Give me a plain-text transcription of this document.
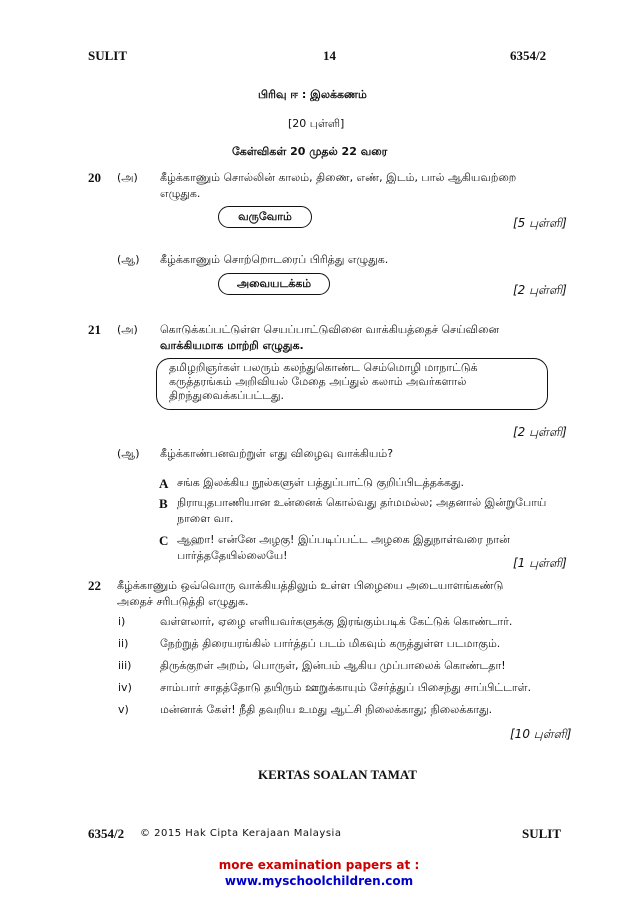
SULIT	14	6354/2
பிரிவு ஈ : இலக்கணம்
[20 புள்ளி]
கேள்விகள் 20 முதல் 22 வரை
20 (அ) கீழ்க்காணும் சொல்லின் காலம், திணை, எண், இடம், பால் ஆகியவற்றை
எழுதுக.
வருவோம்	[5 புள்ளி]
(ஆ) கீழ்க்காணும் சொற்றொடரைப் பிரித்து எழுதுக.
அவையடக்கம்	[2 புள்ளி]
21 (அ) கொடுக்கப்பட்டுள்ள செயப்பாட்டுவினை வாக்கியத்தைச் செய்வினை
வாக்கியமாக மாற்றி எழுதுக.
தமிழறிஞர்கள் பலரும் கலந்துகொண்ட செம்மொழி மாநாட்டுக்
கருத்தரங்கம் அறிவியல் மேதை அப்துல் கலாம் அவர்களால்
திறந்துவைக்கப்பட்டது.
[2 புள்ளி]
(ஆ) கீழ்க்காண்பனவற்றுள் எது விழைவு வாக்கியம்?
A சங்க இலக்கிய நூல்களுள் பத்துப்பாட்டு குறிப்பிடத்தக்கது.
B நிராயுதபாணியான உன்னைக் கொல்வது தர்மமல்ல; அதனால் இன்றுபோய்
நாளை வா.
C ஆஹா! என்னே அழகு! இப்படிப்பட்ட அழகை இதுநாள்வரை நான்
பார்த்ததேயில்லையே!
[1 புள்ளி]
22 கீழ்க்காணும் ஒவ்வொரு வாக்கியத்திலும் உள்ள பிழையை அடையாளங்கண்டு
அதைச் சரிபடுத்தி எழுதுக.
i)	வள்ளலார், ஏழை எளியவர்களுக்கு இரங்கும்படிக் கேட்டுக் கொண்டார்.
ii)	நேற்றுத் திரையரங்கில் பார்த்தப் படம் மிகவும் கருத்துள்ள படமாகும்.
iii)	திருக்குறள் அறம், பொருள், இன்பம் ஆகிய முப்பாலைக் கொண்டதா!
iv)	சாம்பார் சாதத்தோடு தயிரும் ஊறுக்காயும் சேர்த்துப் பிசைந்து சாப்பிட்டாள்.
v)	மன்னாக் கேள்! நீதி தவறிய உமது ஆட்சி நிலைக்காது; நிலைக்காது.
[10 புள்ளி]
KERTAS SOALAN TAMAT
6354/2 © 2015 Hak Cipta Kerajaan Malaysia	SULIT
more examination papers at :
www.myschoolchildren.com
